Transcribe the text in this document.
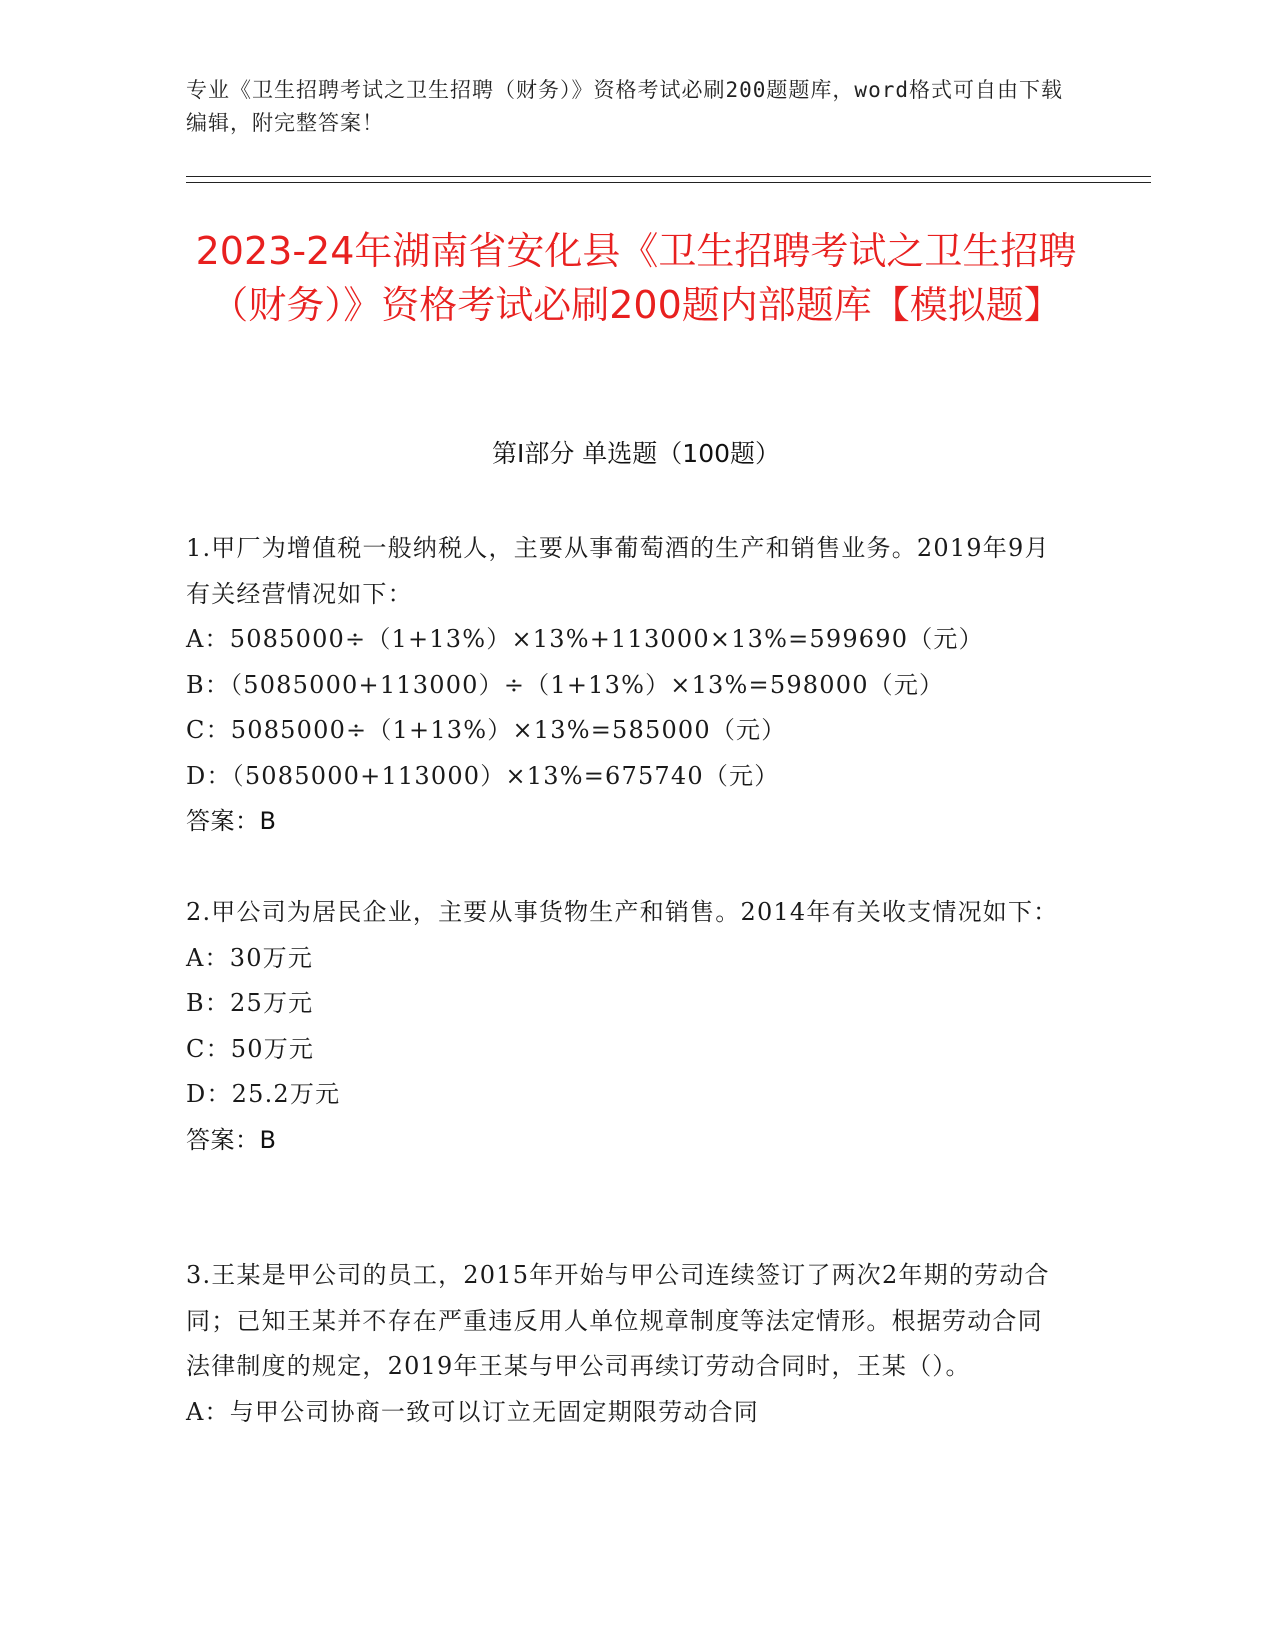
专业《卫生招聘考试之卫生招聘（财务）》资格考试必刷200题题库，word格式可自由下载编辑，附完整答案！
2023-24年湖南省安化县《卫生招聘考试之卫生招聘（财务）》资格考试必刷200题内部题库【模拟题】
第Ⅰ部分 单选题（100题）

1.甲厂为增值税一般纳税人，主要从事葡萄酒的生产和销售业务。2019年9月有关经营情况如下：

A：5085000÷（1+13%）×13%+113000×13%=599690（元）

B：（5085000+113000）÷（1+13%）×13%=598000（元）

C：5085000÷（1+13%）×13%=585000（元）

D：（5085000+113000）×13%=675740（元）

答案：B

2.甲公司为居民企业，主要从事货物生产和销售。2014年有关收支情况如下：

A：30万元

B：25万元

C：50万元

D：25.2万元

答案：B

3.王某是甲公司的员工，2015年开始与甲公司连续签订了两次2年期的劳动合同；已知王某并不存在严重违反用人单位规章制度等法定情形。根据劳动合同法律制度的规定，2019年王某与甲公司再续订劳动合同时，王某（）。

A：与甲公司协商一致可以订立无固定期限劳动合同
